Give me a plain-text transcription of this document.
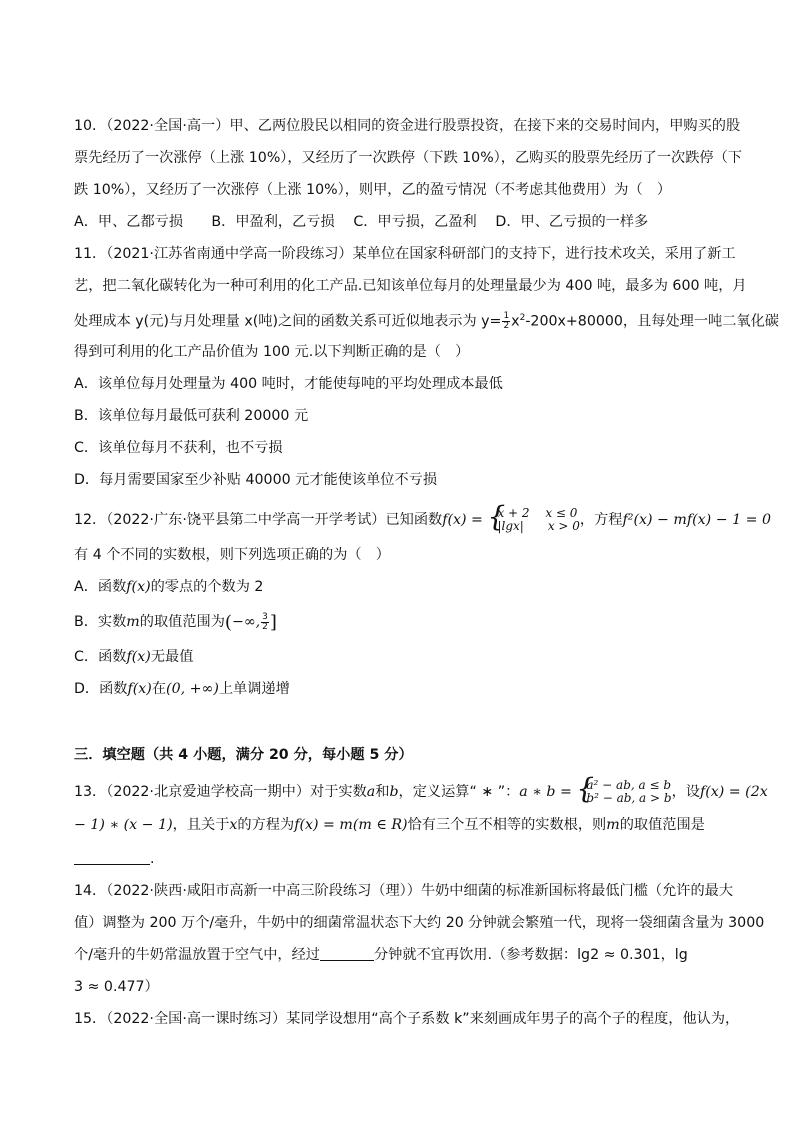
10．（2022·全国·高一）甲、乙两位股民以相同的资金进行股票投资，在接下来的交易时间内，甲购买的股

票先经历了一次涨停（上涨 10%），又经历了一次跌停（下跌 10%），乙购买的股票先经历了一次跌停（下

跌 10%），又经历了一次涨停（上涨 10%），则甲，乙的盈亏情况（不考虑其他费用）为（　）

A．甲、乙都亏损　　B．甲盈利，乙亏损　 C．甲亏损，乙盈利　 D．甲、乙亏损的一样多

11．（2021·江苏省南通中学高一阶段练习）某单位在国家科研部门的支持下，进行技术攻关，采用了新工

艺，把二氧化碳转化为一种可利用的化工产品.已知该单位每月的处理量最少为 400 吨，最多为 600 吨，月

处理成本 y(元)与月处理量 x(吨)之间的函数关系可近似地表示为 $y= \frac{1}{2} x^2-200x+80000$，且每处理一吨二氧化碳

得到可利用的化工产品价值为 100 元.以下判断正确的是（　）

A．该单位每月处理量为 400 吨时，才能使每吨的平均处理成本最低

B．该单位每月最低可获利 20000 元

C．该单位每月不获利，也不亏损

D．每月需要国家至少补贴 40000 元才能使该单位不亏损

12．（2022·广东·饶平县第二中学高一开学考试）已知函数f(x) = { x + 2　 x ≤ 0
|lgx|　　x > 0 ，方程f²(x) − mf(x) − 1 = 0

有 4 个不同的实数根，则下列选项正确的为（　）

A．函数f(x)的零点的个数为 2

B．实数m的取值范围为(−∞, $\frac{3}{2}$ ]

C．函数f(x)无最值

D．函数f(x)在(0, +∞)上单调递增

三．填空题（共 4 小题，满分 20 分，每小题 5 分）

13．（2022·北京爱迪学校高一期中）对于实数a和b，定义运算“ ∗ ”：a ∗ b = { a² − ab, a ≤ b
b² − ab, a > b ，设f(x) = (2x

− 1) ∗ (x − 1)，且关于x的方程为f(x) = m(m ∈ R)恰有三个互不相等的实数根，则m的取值范围是

.

14．（2022·陕西·咸阳市高新一中高三阶段练习（理））牛奶中细菌的标准新国标将最低门槛（允许的最大

值）调整为 200 万个/毫升，牛奶中的细菌常温状态下大约 20 分钟就会繁殖一代，现将一袋细菌含量为 3000

个/毫升的牛奶常温放置于空气中，经过	分钟就不宜再饮用.（参考数据：lg2 ≈ 0.301，lg

3 ≈ 0.477）

15．（2022·全国·高一课时练习）某同学设想用“高个子系数 k”来刻画成年男子的高个子的程度，他认为，
